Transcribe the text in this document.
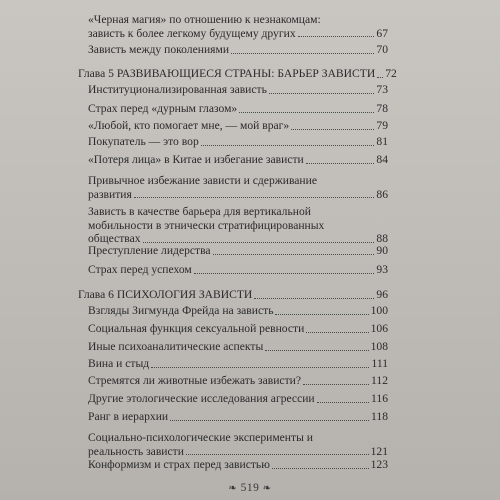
«Черная магия» по отношению к незнакомцам:
зависть к более легкому будущему других	67
Зависть между поколениями	70
Глава 5 РАЗВИВАЮЩИЕСЯ СТРАНЫ: БАРЬЕР ЗАВИСТИ 72
Институционализированная зависть	73
Страх перед «дурным глазом»	78
«Любой, кто помогает мне, — мой враг»	79
Покупатель — это вор	81
«Потеря лица» в Китае и избегание зависти	84
Привычное избежание зависти и сдерживание
развития	86
Зависть в качестве барьера для вертикальной
мобильности в этнически стратифицированных
обществах	88
Преступление лидерства	90
Страх перед успехом	93
Глава 6 ПСИХОЛОГИЯ ЗАВИСТИ	96
Взгляды Зигмунда Фрейда на зависть	100
Социальная функция сексуальной ревности	106
Иные психоаналитические аспекты	108
Вина и стыд	111
Стремятся ли животные избежать зависти?	112
Другие этологические исследования агрессии	116
Ранг в иерархии	118
Социально-психологические эксперименты и
реальность зависти	121
Конформизм и страх перед завистью	123
❧ 519 ❧
